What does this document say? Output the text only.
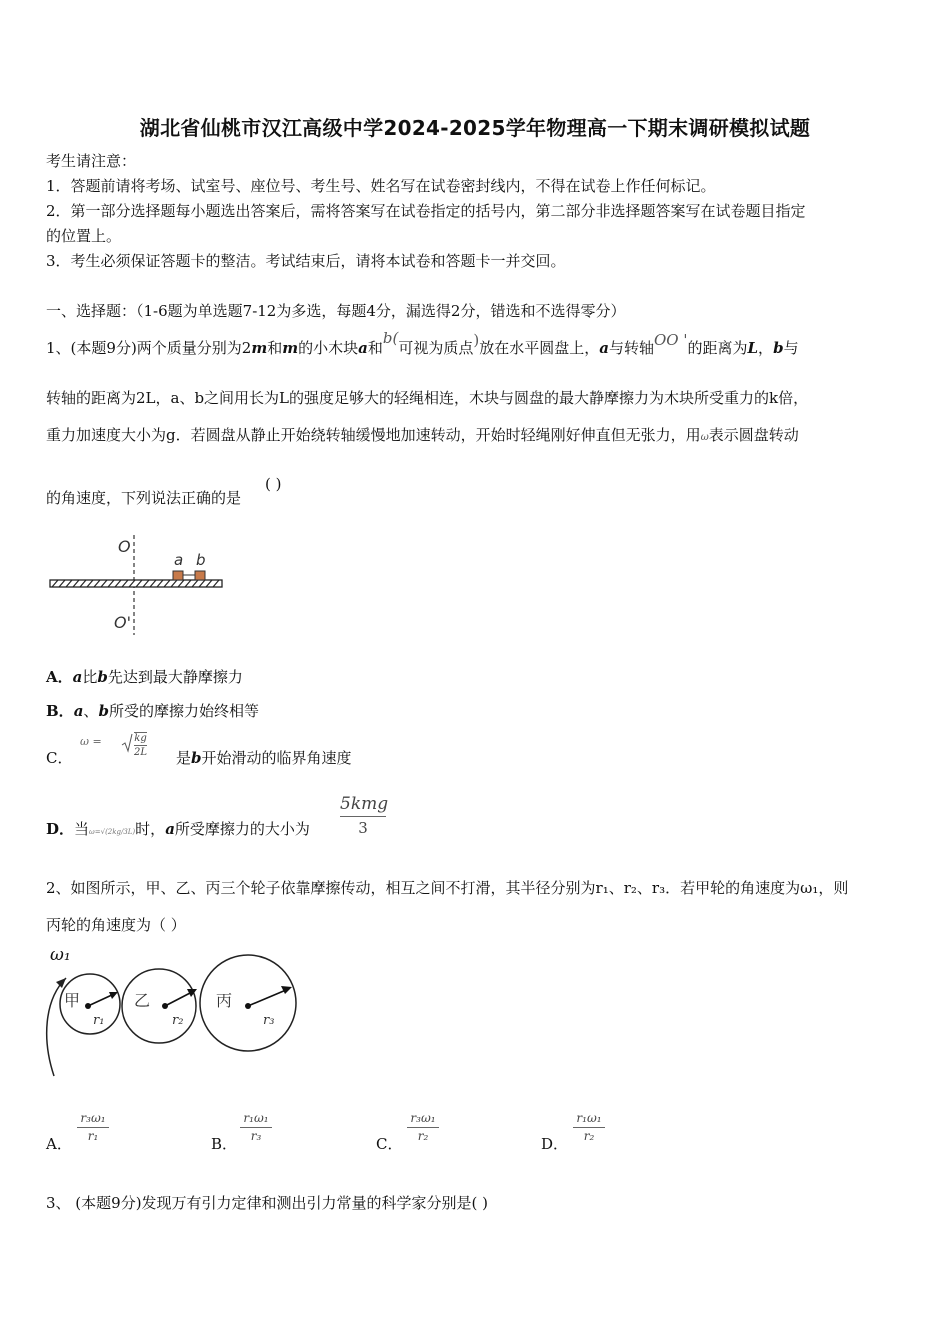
湖北省仙桃市汉江高级中学2024-2025学年物理高一下期末调研模拟试题
考生请注意：
1．答题前请将考场、试室号、座位号、考生号、姓名写在试卷密封线内，不得在试卷上作任何标记。
2．第一部分选择题每小题选出答案后，需将答案写在试卷指定的括号内，第二部分非选择题答案写在试卷题目指定
的位置上。
3．考生必须保证答题卡的整洁。考试结束后，请将本试卷和答题卡一并交回。
一、选择题：（1-6题为单选题7-12为多选，每题4分，漏选得2分，错选和不选得零分）
1、(本题9分)两个质量分别为2m和m的小木块a和b(可视为质点)放在水平圆盘上，a与转轴OO '的距离为L，b与
转轴的距离为2L，a、b之间用长为L的强度足够大的轻绳相连，木块与圆盘的最大静摩擦力为木块所受重力的k倍，
重力加速度大小为g．若圆盘从静止开始绕转轴缓慢地加速转动，开始时轻绳刚好伸直但无张力，用ω表示圆盘转动
的角速度，下列说法正确的是
( )
O
O'
a b
A．a比b先达到最大静摩擦力
B．a、b所受的摩擦力始终相等
C．
ω =	kg
2L 是b开始滑动的临界角速度
D．当ω=√(2kg/3L)时，a所受摩擦力的大小为
5kmg
3
2、如图所示，甲、乙、丙三个轮子依靠摩擦传动，相互之间不打滑，其半径分别为r₁、r₂、r₃．若甲轮的角速度为ω₁，则
丙轮的角速度为（ ）
ω₁
甲	乙	丙
r₁	r₂	r₃
A．
r₃ω₁
r₁	B．
r₁ω₁
r₃	C．
r₃ω₁
r₂	D．
r₁ω₁
r₂
3、 (本题9分)发现万有引力定律和测出引力常量的科学家分别是( )
